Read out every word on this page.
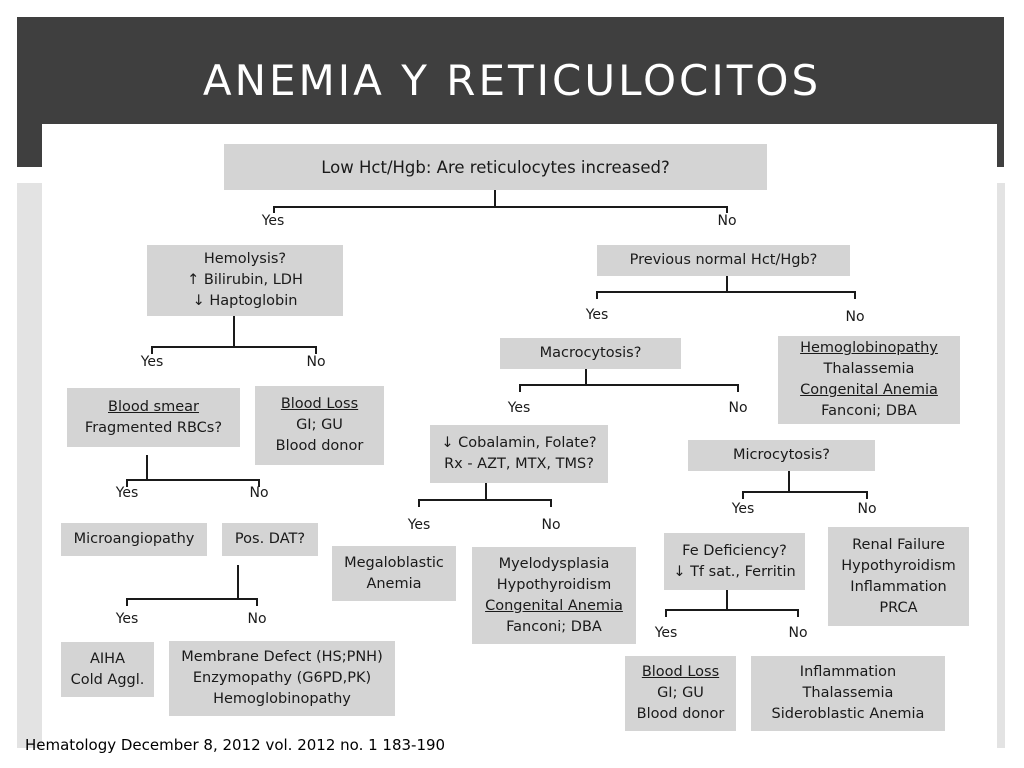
ANEMIA Y RETICULOCITOS
Yes	No
Yes	No
Yes	No
Yes	No
Yes	No
Yes	No
Yes	No
Yes	No
Yes	No
Low Hct/Hgb: Are reticulocytes increased?
Hemolysis?
↑ Bilirubin, LDH
↓ Haptoglobin
Previous normal Hct/Hgb?
Blood smear
Fragmented RBCs?
Blood Loss
GI; GU
Blood donor
Macrocytosis?	Hemoglobinopathy
Thalassemia
Congenital Anemia
Fanconi; DBA
↓ Cobalamin, Folate?
Rx - AZT, MTX, TMS?
Microcytosis?
Microangiopathy	Pos. DAT?
Megaloblastic
Anemia
Myelodysplasia
Hypothyroidism
Congenital Anemia
Fanconi; DBA
Fe Deficiency?
↓ Tf sat., Ferritin
Renal Failure
Hypothyroidism
Inflammation
PRCA
AIHA
Cold Aggl.
Membrane Defect (HS;PNH)
Enzymopathy (G6PD,PK)
Hemoglobinopathy
Blood Loss
GI; GU
Blood donor
Inflammation
Thalassemia
Sideroblastic Anemia
Hematology December 8, 2012 vol. 2012 no. 1 183-190
